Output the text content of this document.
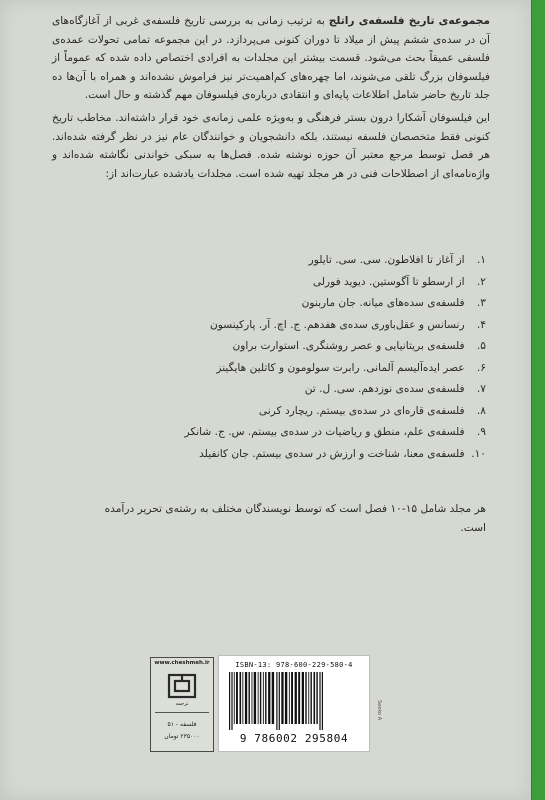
مجموعه‌ی تاریخ فلسفه‌ی راتلج به ترتیب زمانی به بررسی تاریخ فلسفه‌ی غربی از آغازگاه‌های آن در سده‌ی ششم پیش از میلاد تا دوران کنونی می‌پردازد. در این مجموعه تمامی تحولات عمده‌ی فلسفی عمیقاً بحث می‌شود. قسمت بیشتر این مجلدات به افرادی اختصاص داده شده که عموماً از فیلسوفان بزرگ تلقی می‌شوند، اما چهره‌های کم‌اهمیت‌تر نیز فراموش نشده‌اند و همراه با آن‌ها ده جلد تاریخ حاضر شامل اطلاعات پایه‌ای و انتقادی درباره‌ی فیلسوفان مهم گذشته و حال است.

این فیلسوفان آشکارا درون بستر فرهنگی و به‌ویژه علمی زمانه‌ی خود قرار داشته‌اند. مخاطب تاریخ کنونی فقط متخصصان فلسفه نیستند، بلکه دانشجویان و خوانندگان عام نیز در نظر گرفته شده‌اند. هر فصل توسط مرجع معتبر آن حوزه نوشته شده. فصل‌ها به سبکی خواندنی نگاشته شده‌اند و واژه‌نامه‌ای از اصطلاحات فنی در هر مجلد تهیه شده است. مجلدات یادشده عبارت‌اند از:

۱. از آغاز تا افلاطون. سی. سی. تایلور
۲. از ارسطو تا آگوستین. دیوید فورلی
۳. فلسفه‌ی سده‌های میانه. جان ماربنون
۴. رنسانس و عقل‌باوری سده‌ی هفدهم. ج. اچ. آر. پارکینسون
۵. فلسفه‌ی بریتانیایی و عصر روشنگری. استوارت براون
۶. عصر ایده‌آلیسم آلمانی. رابرت سولومون و کاتلین هایگینز
۷. فلسفه‌ی سده‌ی نوزدهم. سی. ل. تن
۸. فلسفه‌ی قاره‌ای در سده‌ی بیستم. ریچارد کرنی
۹. فلسفه‌ی علم، منطق و ریاضیات در سده‌ی بیستم. س. ج. شانکر
۱۰. فلسفه‌ی معنا، شناخت و ارزش در سده‌ی بیستم. جان کانفیلد
هر مجلد شامل ۱۵-۱۰ فصل است که توسط نویسندگان مختلف به رشته‌ی تحریر درآمده است.
www.cheshmeh.ir
ترجمه
فلسفه - ۵۱
۲۳۵۰۰۰ تومان
ISBN-13: 978-600-229-580-4
9 786002 295804
Seeko A
